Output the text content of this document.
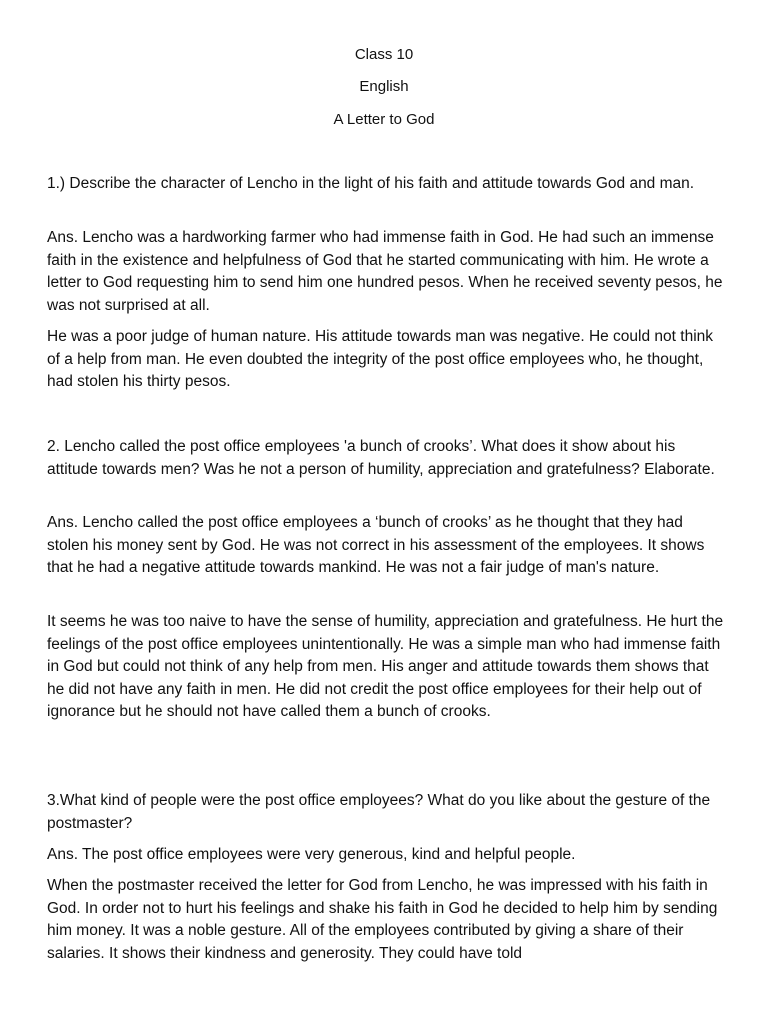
Class 10
English
A Letter to God

1.) Describe the character of Lencho in the light of his faith and attitude towards God and man.

Ans. Lencho was a hardworking farmer who had immense faith in God. He had such an immense faith in the existence and helpfulness of God that he started communicating with him. He wrote a letter to God requesting him to send him one hundred pesos. When he received seventy pesos, he was not surprised at all.

He was a poor judge of human nature. His attitude towards man was negative. He could not think of a help from man. He even doubted the integrity of the post office employees who, he thought, had stolen his thirty pesos.

2. Lencho called the post office employees 'a bunch of crooks’. What does it show about his attitude towards men? Was he not a person of humility, appreciation and gratefulness? Elaborate.

Ans. Lencho called the post office employees a ‘bunch of crooks’ as he thought that they had stolen his money sent by God. He was not correct in his assessment of the employees. It shows that he had a negative attitude towards mankind. He was not a fair judge of man's nature.

It seems he was too naive to have the sense of humility, appreciation and gratefulness. He hurt the feelings of the post office employees unintentionally. He was a simple man who had immense faith in God but could not think of any help from men. His anger and attitude towards them shows that he did not have any faith in men. He did not credit the post office employees for their help out of ignorance but he should not have called them a bunch of crooks.

3.What kind of people were the post office employees? What do you like about the gesture of the postmaster?

Ans. The post office employees were very generous, kind and helpful people.

When the postmaster received the letter for God from Lencho, he was impressed with his faith in God. In order not to hurt his feelings and shake his faith in God he decided to help him by sending him money. It was a noble gesture. All of the employees contributed by giving a share of their salaries. It shows their kindness and generosity. They could have told
